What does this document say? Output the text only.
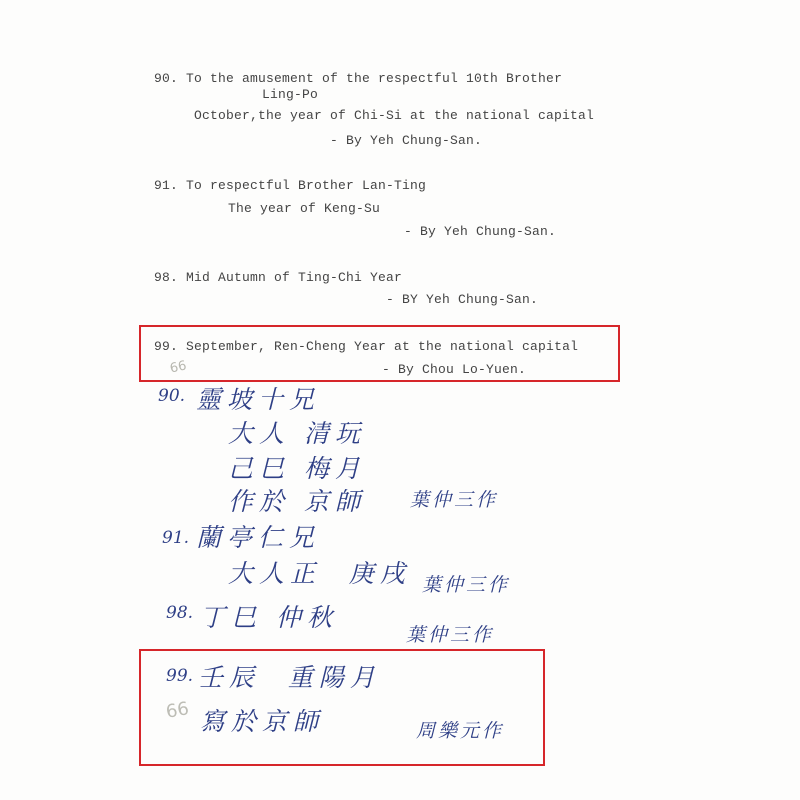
90. To the amusement of the respectful 10th Brother
Ling-Po
October,the year of Chi-Si at the national capital
- By Yeh Chung-San.
91. To respectful Brother Lan-Ting
The year of Keng-Su
- By Yeh Chung-San.
98. Mid Autumn of Ting-Chi Year
- BY Yeh Chung-San.
99. September, Ren-Cheng Year at the national capital
- By Chou Lo-Yuen.
66
90. 靈坡十兄
大人 清玩
己巳 梅月
作於 京師 葉仲三作
91. 蘭亭仁兄
大人正  庚戌 葉仲三作
98. 丁巳 仲秋
葉仲三作
99. 壬辰  重陽月
寫於京師	周樂元作
66
